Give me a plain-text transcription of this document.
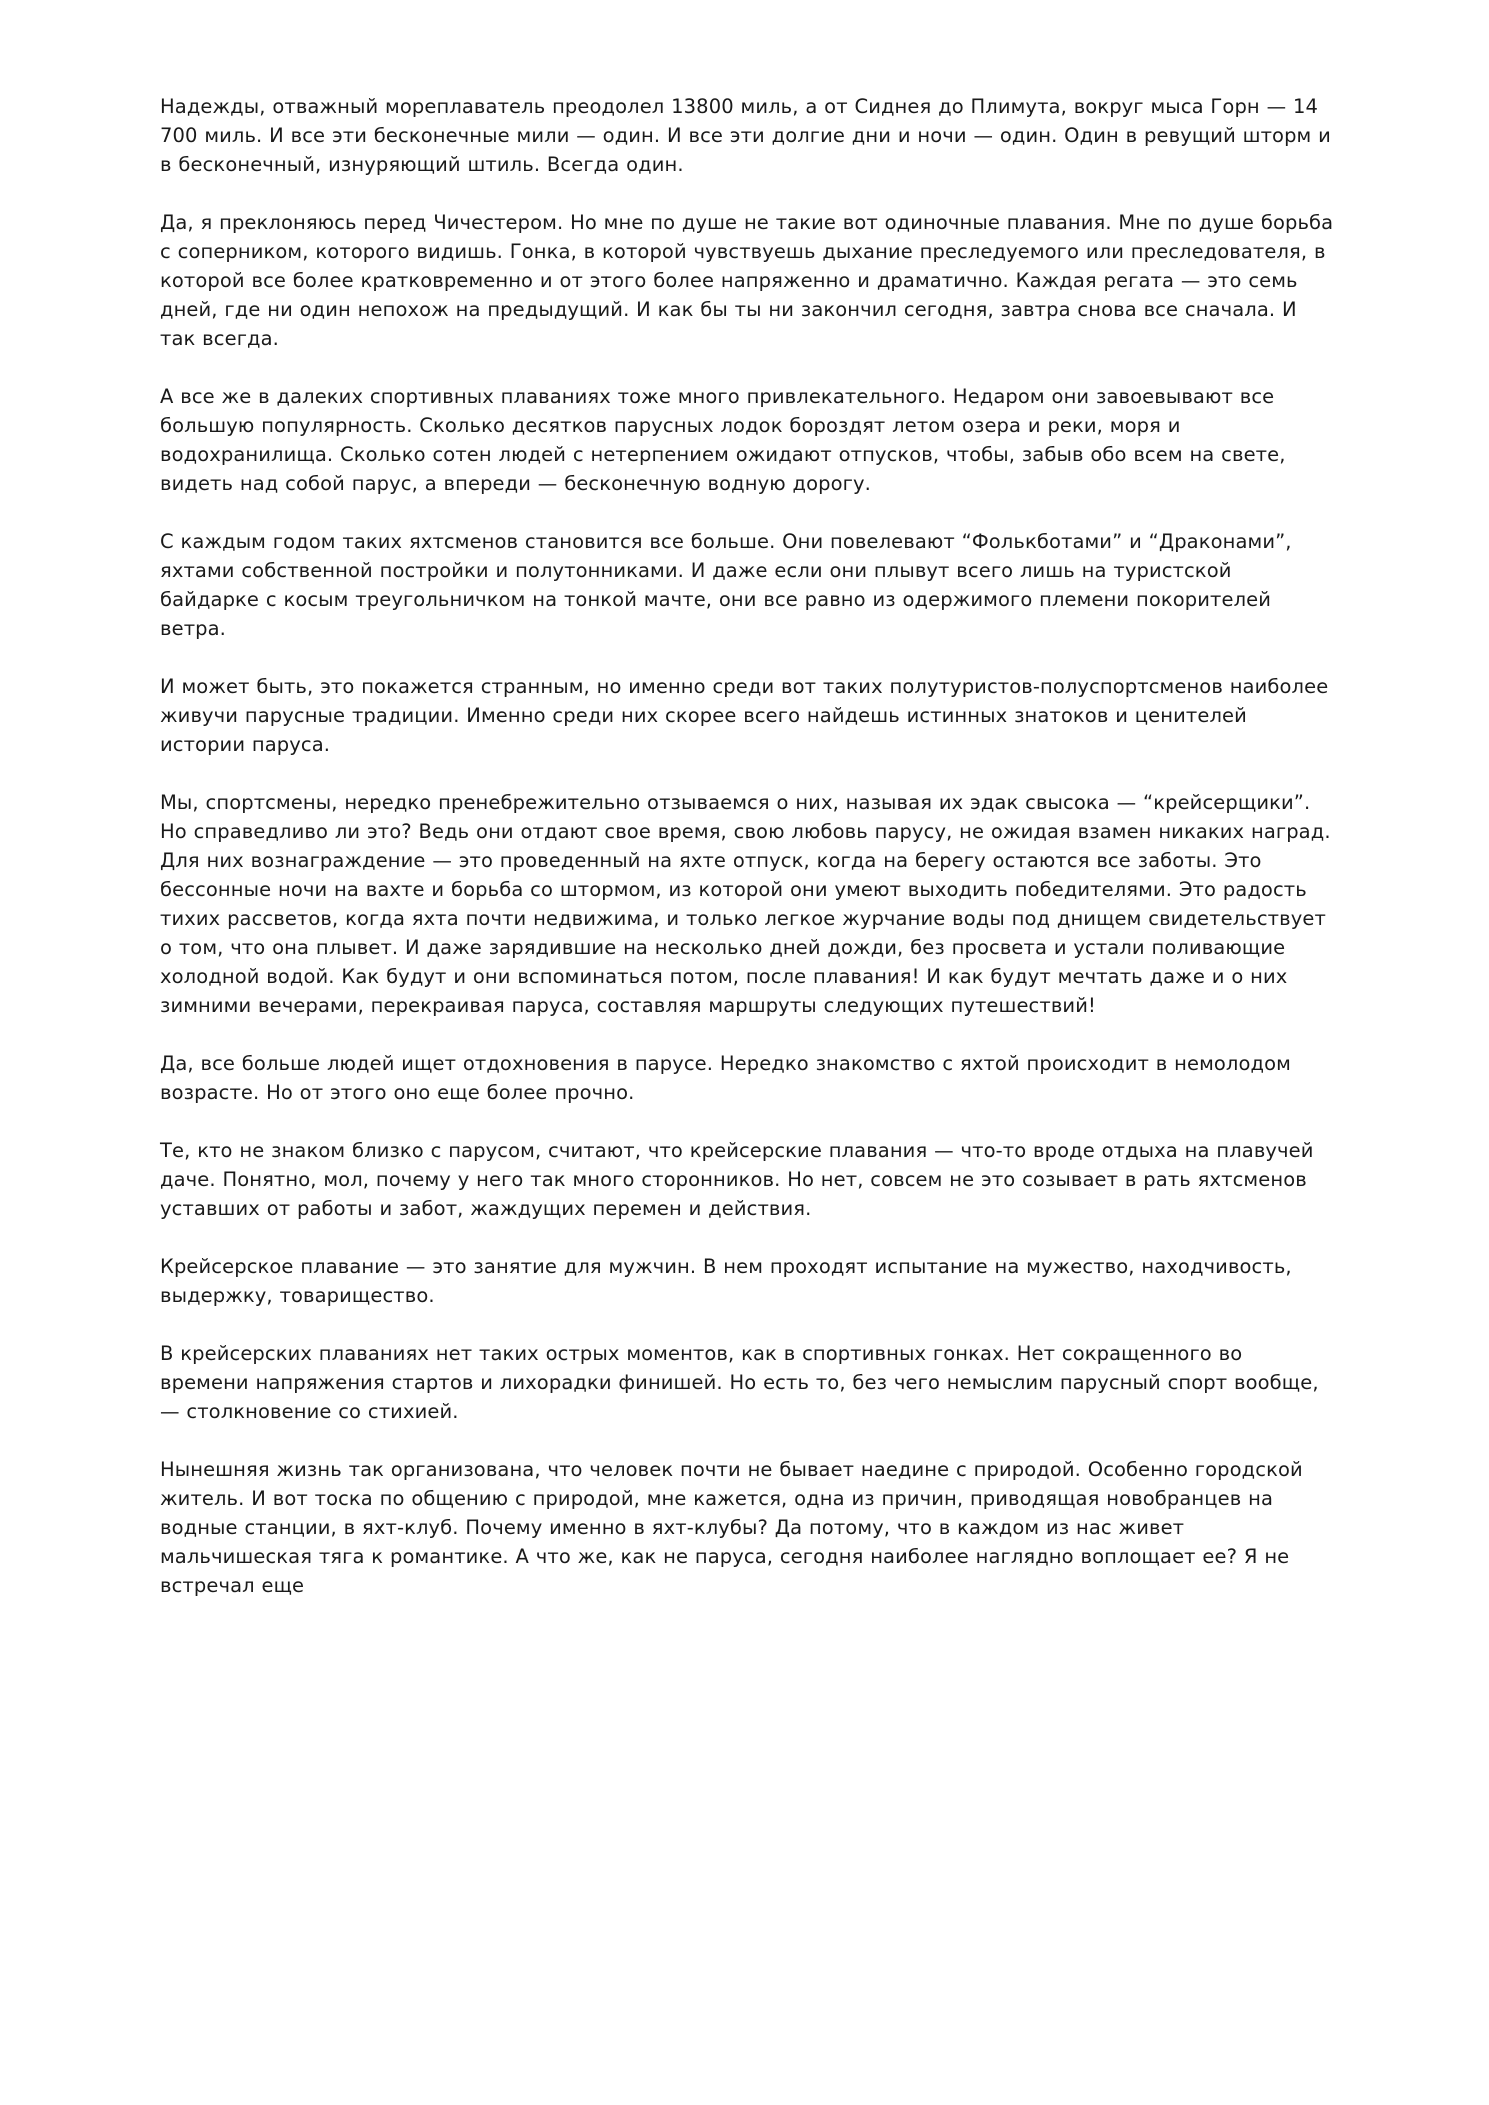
Надежды, отважный мореплаватель преодолел 13800 миль, а от Сиднея до Плимута, вокруг мыса Горн — 14 700 миль. И все эти бесконечные мили — один. И все эти долгие дни и ночи — один. Один в ревущий шторм и в бесконечный, изнуряющий штиль. Всегда один.

Да, я преклоняюсь перед Чичестером. Но мне по душе не такие вот одиночные плавания. Мне по душе борьба с соперником, которого видишь. Гонка, в которой чувствуешь дыхание преследуемого или преследователя, в которой все более кратковременно и от этого более напряженно и драматично. Каждая регата — это семь дней, где ни один непохож на предыдущий. И как бы ты ни закончил сегодня, завтра снова все сначала. И так всегда.

А все же в далеких спортивных плаваниях тоже много привлекательного. Недаром они завоевывают все большую популярность. Сколько десятков парусных лодок бороздят летом озера и реки, моря и водохранилища. Сколько сотен людей с нетерпением ожидают отпусков, чтобы, забыв обо всем на свете, видеть над собой парус, а впереди — бесконечную водную дорогу.

С каждым годом таких яхтсменов становится все больше. Они повелевают “Фолькботами” и “Драконами”, яхтами собственной постройки и полутонниками. И даже если они плывут всего лишь на туристской байдарке с косым треугольничком на тонкой мачте, они все равно из одержимого племени покорителей ветра.

И может быть, это покажется странным, но именно среди вот таких полутуристов-полуспортсменов наиболее живучи парусные традиции. Именно среди них скорее всего найдешь истинных знатоков и ценителей истории паруса.

Мы, спортсмены, нередко пренебрежительно отзываемся о них, называя их эдак свысока — “крейсерщики”. Но справедливо ли это? Ведь они отдают свое время, свою любовь парусу, не ожидая взамен никаких наград. Для них вознаграждение — это проведенный на яхте отпуск, когда на берегу остаются все заботы. Это бессонные ночи на вахте и борьба со штормом, из которой они умеют выходить победителями. Это радость тихих рассветов, когда яхта почти недвижима, и только легкое журчание воды под днищем свидетельствует о том, что она плывет. И даже зарядившие на несколько дней дожди, без просвета и устали поливающие холодной водой. Как будут и они вспоминаться потом, после плавания! И как будут мечтать даже и о них зимними вечерами, перекраивая паруса, составляя маршруты следующих путешествий!

Да, все больше людей ищет отдохновения в парусе. Нередко знакомство с яхтой происходит в немолодом возрасте. Но от этого оно еще более прочно.

Те, кто не знаком близко с парусом, считают, что крейсерские плавания — что-то вроде отдыха на плавучей даче. Понятно, мол, почему у него так много сторонников. Но нет, совсем не это созывает в рать яхтсменов уставших от работы и забот, жаждущих перемен и действия.

Крейсерское плавание — это занятие для мужчин. В нем проходят испытание на мужество, находчивость, выдержку, товарищество.

В крейсерских плаваниях нет таких острых моментов, как в спортивных гонках. Нет сокращенного во времени напряжения стартов и лихорадки финишей. Но есть то, без чего немыслим парусный спорт вообще, — столкновение со стихией.

Нынешняя жизнь так организована, что человек почти не бывает наедине с природой. Особенно городской житель. И вот тоска по общению с природой, мне кажется, одна из причин, приводящая новобранцев на водные станции, в яхт-клуб. Почему именно в яхт-клубы? Да потому, что в каждом из нас живет мальчишеская тяга к романтике. А что же, как не паруса, сегодня наиболее наглядно воплощает ее? Я не встречал еще
